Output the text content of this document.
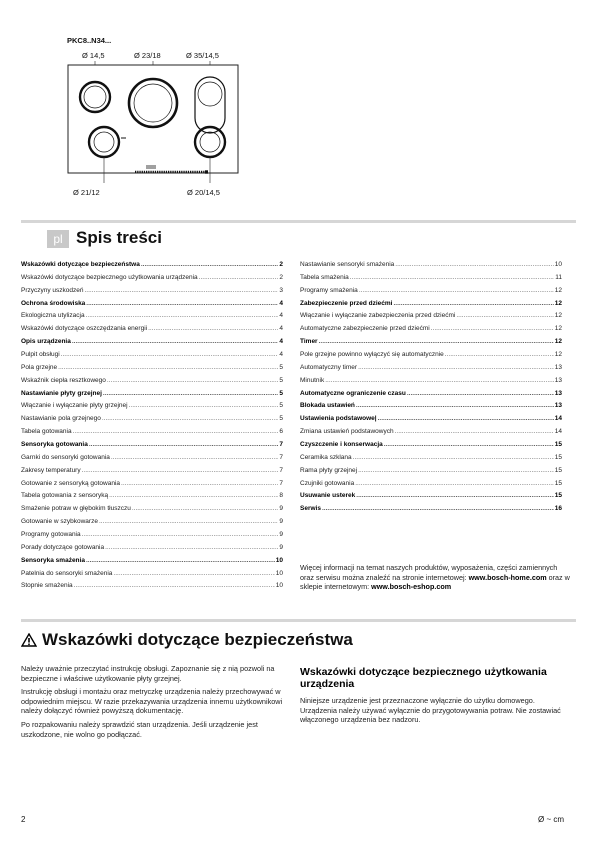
PKC8..N34...
Ø 14,5	Ø 23/18	Ø 35/14,5
Ø 21/12	Ø 20/14,5
pl Spis treści
Wskazówki dotyczące bezpieczeństwa .....	2
Wskazówki dotyczące bezpiecznego użytkowania urządzenia .....	2
Przyczyny uszkodzeń .....	3
Ochrona środowiska .....	4
Ekologiczna utylizacja .....	4
Wskazówki dotyczące oszczędzania energii .....	4
Opis urządzenia .....	4
Pulpit obsługi .....	4
Pola grzejne .....	5
Wskaźnik ciepła resztkowego .....	5
Nastawianie płyty grzejnej .....	5
Włączanie i wyłączanie płyty grzejnej .....	5
Nastawianie pola grzejnego .....	5
Tabela gotowania .....	6
Sensoryka gotowania .....	7
Garnki do sensoryki gotowania .....	7
Zakresy temperatury .....	7
Gotowanie z sensoryką gotowania .....	7
Tabela gotowania z sensoryką .....	8
Smażenie potraw w głębokim tłuszczu .....	9
Gotowanie w szybkowarze .....	9
Programy gotowania .....	9
Porady dotyczące gotowania .....	9
Sensoryka smażenia .....	10
Patelnia do sensoryki smażenia .....	10
Stopnie smażenia .....	10
Nastawianie sensoryki smażenia .....	10
Tabela smażenia .....	11
Programy smażenia .....	12
Zabezpieczenie przed dziećmi .....	12
Włączanie i wyłączanie zabezpieczenia przed dziećmi .....	12
Automatyczne zabezpieczenie przed dziećmi .....	12
Timer .....	12
Pole grzejne powinno wyłączyć się automatycznie .....	12
Automatyczny timer .....	13
Minutnik .....	13
Automatyczne ograniczenie czasu .....	13
Blokada ustawień .....	13
Ustawienia podstawowe| .....	14
Zmiana ustawień podstawowych .....	14
Czyszczenie i konserwacja .....	15
Ceramika szklana .....	15
Rama płyty grzejnej .....	15
Czujniki gotowania .....	15
Usuwanie usterek .....	15
Serwis .....	16
Więcej informacji na temat naszych produktów, wyposażenia, części zamiennych oraz serwisu można znaleźć na stronie internetowej: www.bosch-home.com oraz w sklepie internetowym: www.bosch-eshop.com
Wskazówki dotyczące bezpieczeństwa

Należy uważnie przeczytać instrukcję obsługi. Zapoznanie się z nią pozwoli na bezpieczne i właściwe użytkowanie płyty grzejnej.

Instrukcję obsługi i montażu oraz metryczkę urządzenia należy przechowywać w odpowiednim miejscu. W razie przekazywania urządzenia innemu użytkownikowi należy dołączyć również powyższą dokumentację.

Po rozpakowaniu należy sprawdzić stan urządzenia. Jeśli urządzenie jest uszkodzone, nie wolno go podłączać.

Wskazówki dotyczące bezpiecznego użytkowania urządzenia

Niniejsze urządzenie jest przeznaczone wyłącznie do użytku domowego. Urządzenia należy używać wyłącznie do przygotowywania potraw. Nie zostawiać włączonego urządzenia bez nadzoru.

2	Ø ~ cm
